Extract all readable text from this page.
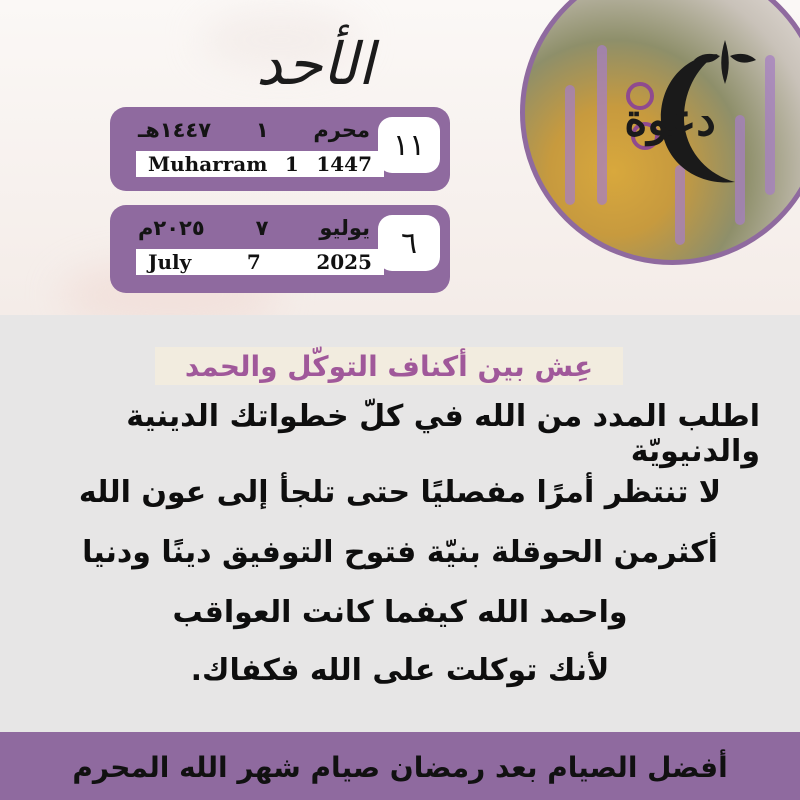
الأحد
١١
محرم
١
١٤٤٧هـ
Muharram 1 1447
٦
يوليو
٧
٢٠٢٥م
July	7	2025
دعوة
عِش بين أكناف التوكّل والحمد
اطلب المدد من الله في كلّ خطواتك الدينية والدنيويّة
لا تنتظر أمرًا مفصليًا حتى تلجأ إلى عون الله
أكثرمن الحوقلة بنيّة فتوح التوفيق دينًا ودنيا
واحمد الله كيفما كانت العواقب
لأنك توكلت على الله فكفاك.
أفضل الصيام بعد رمضان صيام شهر الله المحرم
